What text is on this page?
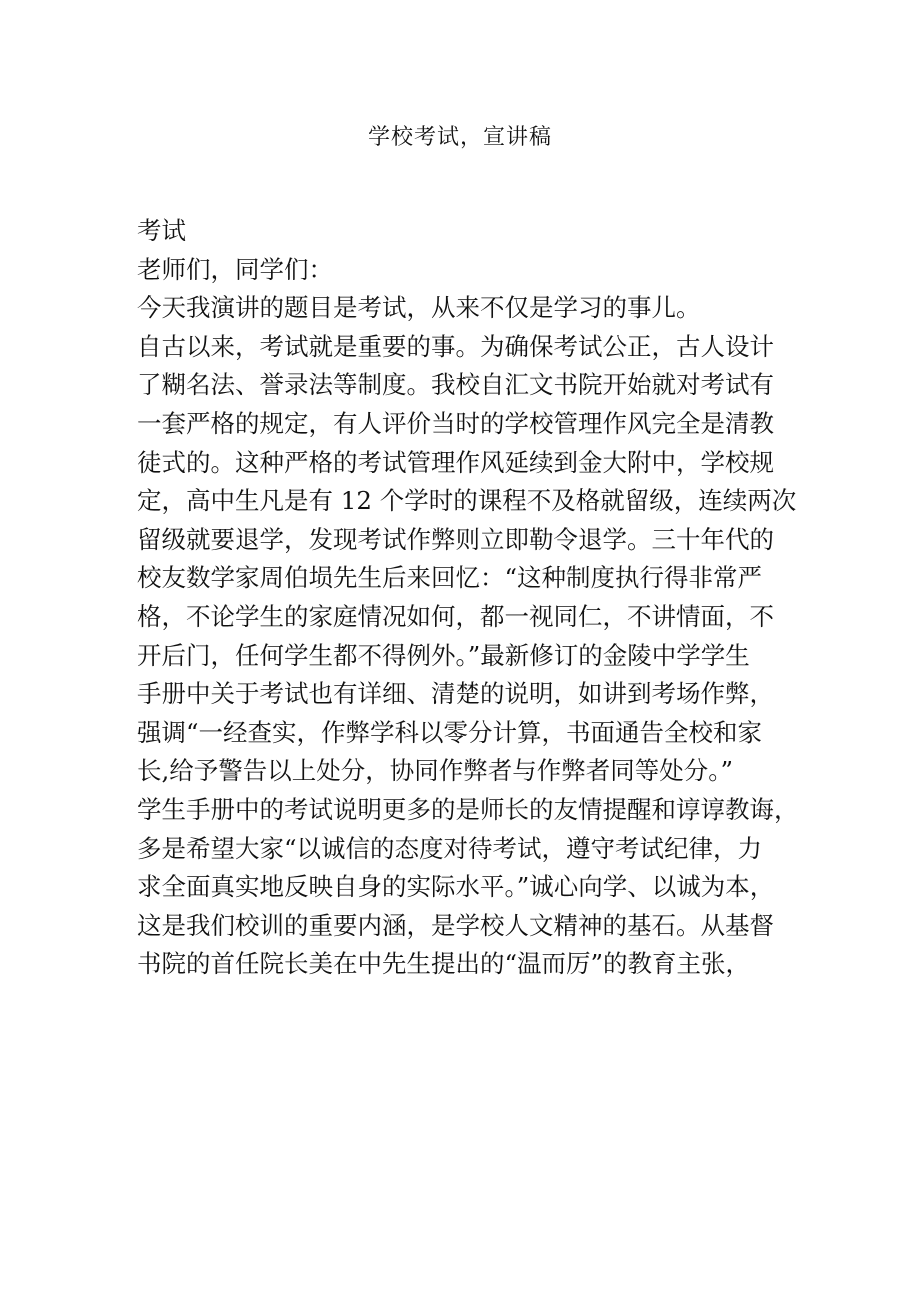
学校考试，宣讲稿
考试
老师们，同学们：
今天我演讲的题目是考试，从来不仅是学习的事儿。
自古以来，考试就是重要的事。为确保考试公正，古人设计
了糊名法、誉录法等制度。我校自汇文书院开始就对考试有
一套严格的规定，有人评价当时的学校管理作风完全是清教
徒式的。这种严格的考试管理作风延续到金大附中，学校规
定，高中生凡是有 12 个学时的课程不及格就留级，连续两次
留级就要退学，发现考试作弊则立即勒令退学。三十年代的
校友数学家周伯埙先生后来回忆：“这种制度执行得非常严
格，不论学生的家庭情况如何，都一视同仁，不讲情面，不
开后门，任何学生都不得例外。”最新修订的金陵中学学生
手册中关于考试也有详细、清楚的说明，如讲到考场作弊，
强调“一经查实，作弊学科以零分计算，书面通告全校和家
长,给予警告以上处分，协同作弊者与作弊者同等处分。”
学生手册中的考试说明更多的是师长的友情提醒和谆谆教诲，
多是希望大家“以诚信的态度对待考试，遵守考试纪律，力
求全面真实地反映自身的实际水平。”诚心向学、以诚为本，
这是我们校训的重要内涵，是学校人文精神的基石。从基督
书院的首任院长美在中先生提出的“温而厉”的教育主张，
